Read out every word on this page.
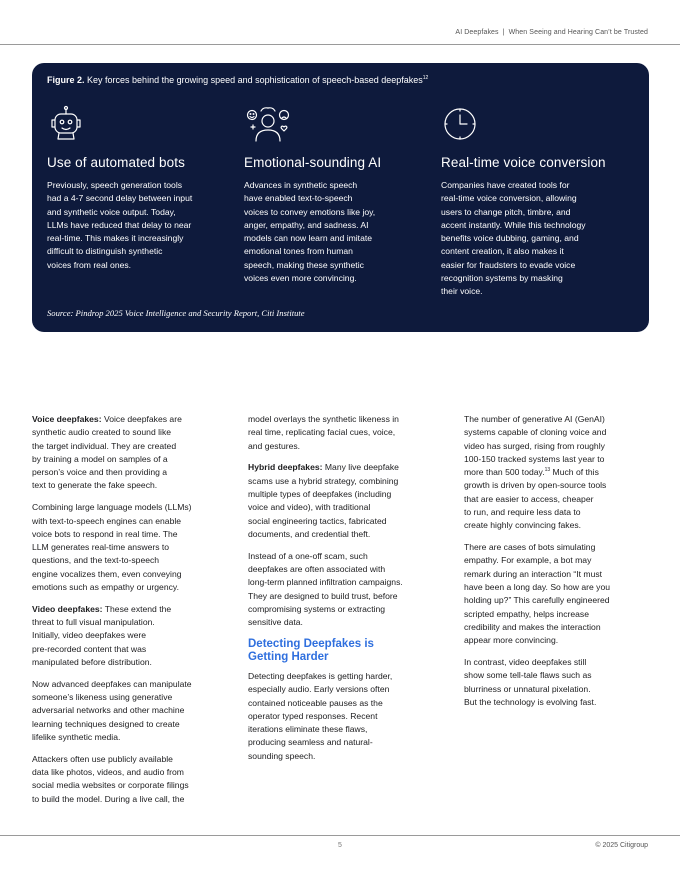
AI Deepfakes | When Seeing and Hearing Can’t be Trusted
Figure 2. Key forces behind the growing speed and sophistication of speech-based deepfakes$^{12}$
Use of automated bots

Previously, speech generation tools
had a 4-7 second delay between input
and synthetic voice output. Today,
LLMs have reduced that delay to near
real-time. This makes it increasingly
difficult to distinguish synthetic
voices from real ones.

Emotional-sounding AI

Advances in synthetic speech
have enabled text-to-speech
voices to convey emotions like joy,
anger, empathy, and sadness. AI
models can now learn and imitate
emotional tones from human
speech, making these synthetic
voices even more convincing.

Real-time voice conversion

Companies have created tools for
real-time voice conversion, allowing
users to change pitch, timbre, and
accent instantly. While this technology
benefits voice dubbing, gaming, and
content creation, it also makes it
easier for fraudsters to evade voice
recognition systems by masking
their voice.

Source: Pindrop 2025 Voice Intelligence and Security Report, Citi Institute

Voice deepfakes: Voice deepfakes are
synthetic audio created to sound like
the target individual. They are created
by training a model on samples of a
person’s voice and then providing a
text to generate the fake speech.

Combining large language models (LLMs)
with text-to-speech engines can enable
voice bots to respond in real time. The
LLM generates real-time answers to
questions, and the text-to-speech
engine vocalizes them, even conveying
emotions such as empathy or urgency.

Video deepfakes: These extend the
threat to full visual manipulation.
Initially, video deepfakes were
pre-recorded content that was
manipulated before distribution.

Now advanced deepfakes can manipulate
someone’s likeness using generative
adversarial networks and other machine
learning techniques designed to create
lifelike synthetic media.

Attackers often use publicly available
data like photos, videos, and audio from
social media websites or corporate filings
to build the model. During a live call, the

model overlays the synthetic likeness in
real time, replicating facial cues, voice,
and gestures.

Hybrid deepfakes: Many live deepfake
scams use a hybrid strategy, combining
multiple types of deepfakes (including
voice and video), with traditional
social engineering tactics, fabricated
documents, and credential theft.

Instead of a one-off scam, such
deepfakes are often associated with
long-term planned infiltration campaigns.
They are designed to build trust, before
compromising systems or extracting
sensitive data.

Detecting Deepfakes is
Getting Harder

Detecting deepfakes is getting harder,
especially audio. Early versions often
contained noticeable pauses as the
operator typed responses. Recent
iterations eliminate these flaws,
producing seamless and natural-
sounding speech.

The number of generative AI (GenAI)
systems capable of cloning voice and
video has surged, rising from roughly
100-150 tracked systems last year to
more than 500 today.$^{13}$ Much of this
growth is driven by open-source tools
that are easier to access, cheaper
to run, and require less data to
create highly convincing fakes.

There are cases of bots simulating
empathy. For example, a bot may
remark during an interaction “It must
have been a long day. So how are you
holding up?” This carefully engineered
scripted empathy, helps increase
credibility and makes the interaction
appear more convincing.

In contrast, video deepfakes still
show some tell-tale flaws such as
blurriness or unnatural pixelation.
But the technology is evolving fast.

5	© 2025 Citigroup
